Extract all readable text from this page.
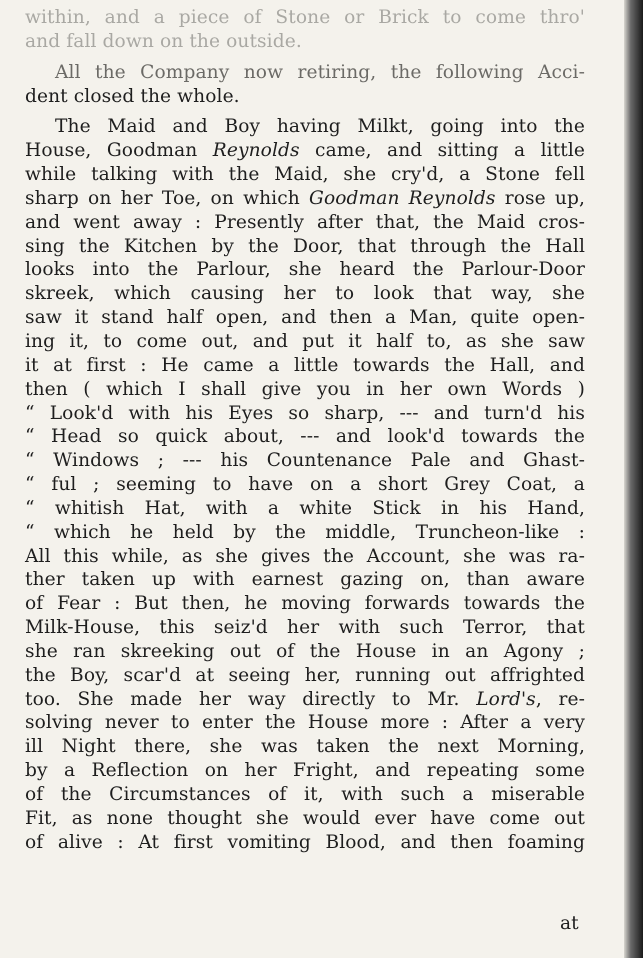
within, and a piece of Stone or Brick to come thro'
and fall down on the outside.
All the Company now retiring, the following Acci-
dent closed the whole.
The Maid and Boy having Milkt, going into the
House, Goodman Reynolds came, and sitting a little
while talking with the Maid, she cry'd, a Stone fell
sharp on her Toe, on which Goodman Reynolds rose up,
and went away : Presently after that, the Maid cros-
sing the Kitchen by the Door, that through the Hall
looks into the Parlour, she heard the Parlour-Door
skreek, which causing her to look that way, she
saw it stand half open, and then a Man, quite open-
ing it, to come out, and put it half to, as she saw
it at first : He came a little towards the Hall, and
then ( which I shall give you in her own Words )
“ Look'd with his Eyes so sharp, --- and turn'd his
“ Head so quick about, --- and look'd towards the
“ Windows ; --- his Countenance Pale and Ghast-
“ ful ; seeming to have on a short Grey Coat, a
“ whitish Hat, with a white Stick in his Hand,
“ which he held by the middle, Truncheon-like :
All this while, as she gives the Account, she was ra-
ther taken up with earnest gazing on, than aware
of Fear : But then, he moving forwards towards the
Milk-House, this seiz'd her with such Terror, that
she ran skreeking out of the House in an Agony ;
the Boy, scar'd at seeing her, running out affrighted
too. She made her way directly to Mr. Lord's, re-
solving never to enter the House more : After a very
ill Night there, she was taken the next Morning,
by a Reflection on her Fright, and repeating some
of the Circumstances of it, with such a miserable
Fit, as none thought she would ever have come out
of alive : At first vomiting Blood, and then foaming
at
